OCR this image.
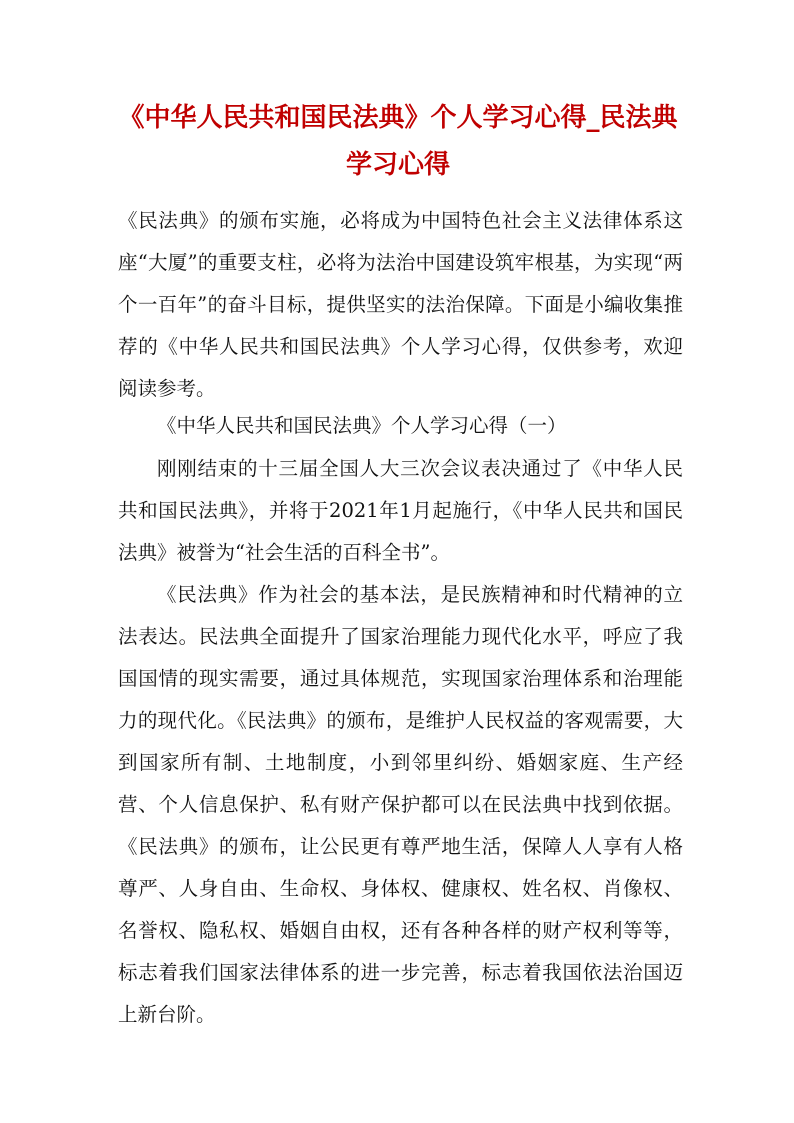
《中华人民共和国民法典》个人学习心得_民法典学习心得

《民法典》的颁布实施，必将成为中国特色社会主义法律体系这座“大厦”的重要支柱，必将为法治中国建设筑牢根基，为实现“两个一百年”的奋斗目标，提供坚实的法治保障。下面是小编收集推荐的《中华人民共和国民法典》个人学习心得，仅供参考，欢迎阅读参考。

《中华人民共和国民法典》个人学习心得（一）

刚刚结束的十三届全国人大三次会议表决通过了《中华人民共和国民法典》，并将于2021年1月起施行，《中华人民共和国民法典》被誉为“社会生活的百科全书”。

《民法典》作为社会的基本法，是民族精神和时代精神的立法表达。民法典全面提升了国家治理能力现代化水平，呼应了我国国情的现实需要，通过具体规范，实现国家治理体系和治理能力的现代化。《民法典》的颁布，是维护人民权益的客观需要，大到国家所有制、土地制度，小到邻里纠纷、婚姻家庭、生产经营、个人信息保护、私有财产保护都可以在民法典中找到依据。《民法典》的颁布，让公民更有尊严地生活，保障人人享有人格尊严、人身自由、生命权、身体权、健康权、姓名权、肖像权、名誉权、隐私权、婚姻自由权，还有各种各样的财产权利等等，标志着我们国家法律体系的进一步完善，标志着我国依法治国迈上新台阶。
